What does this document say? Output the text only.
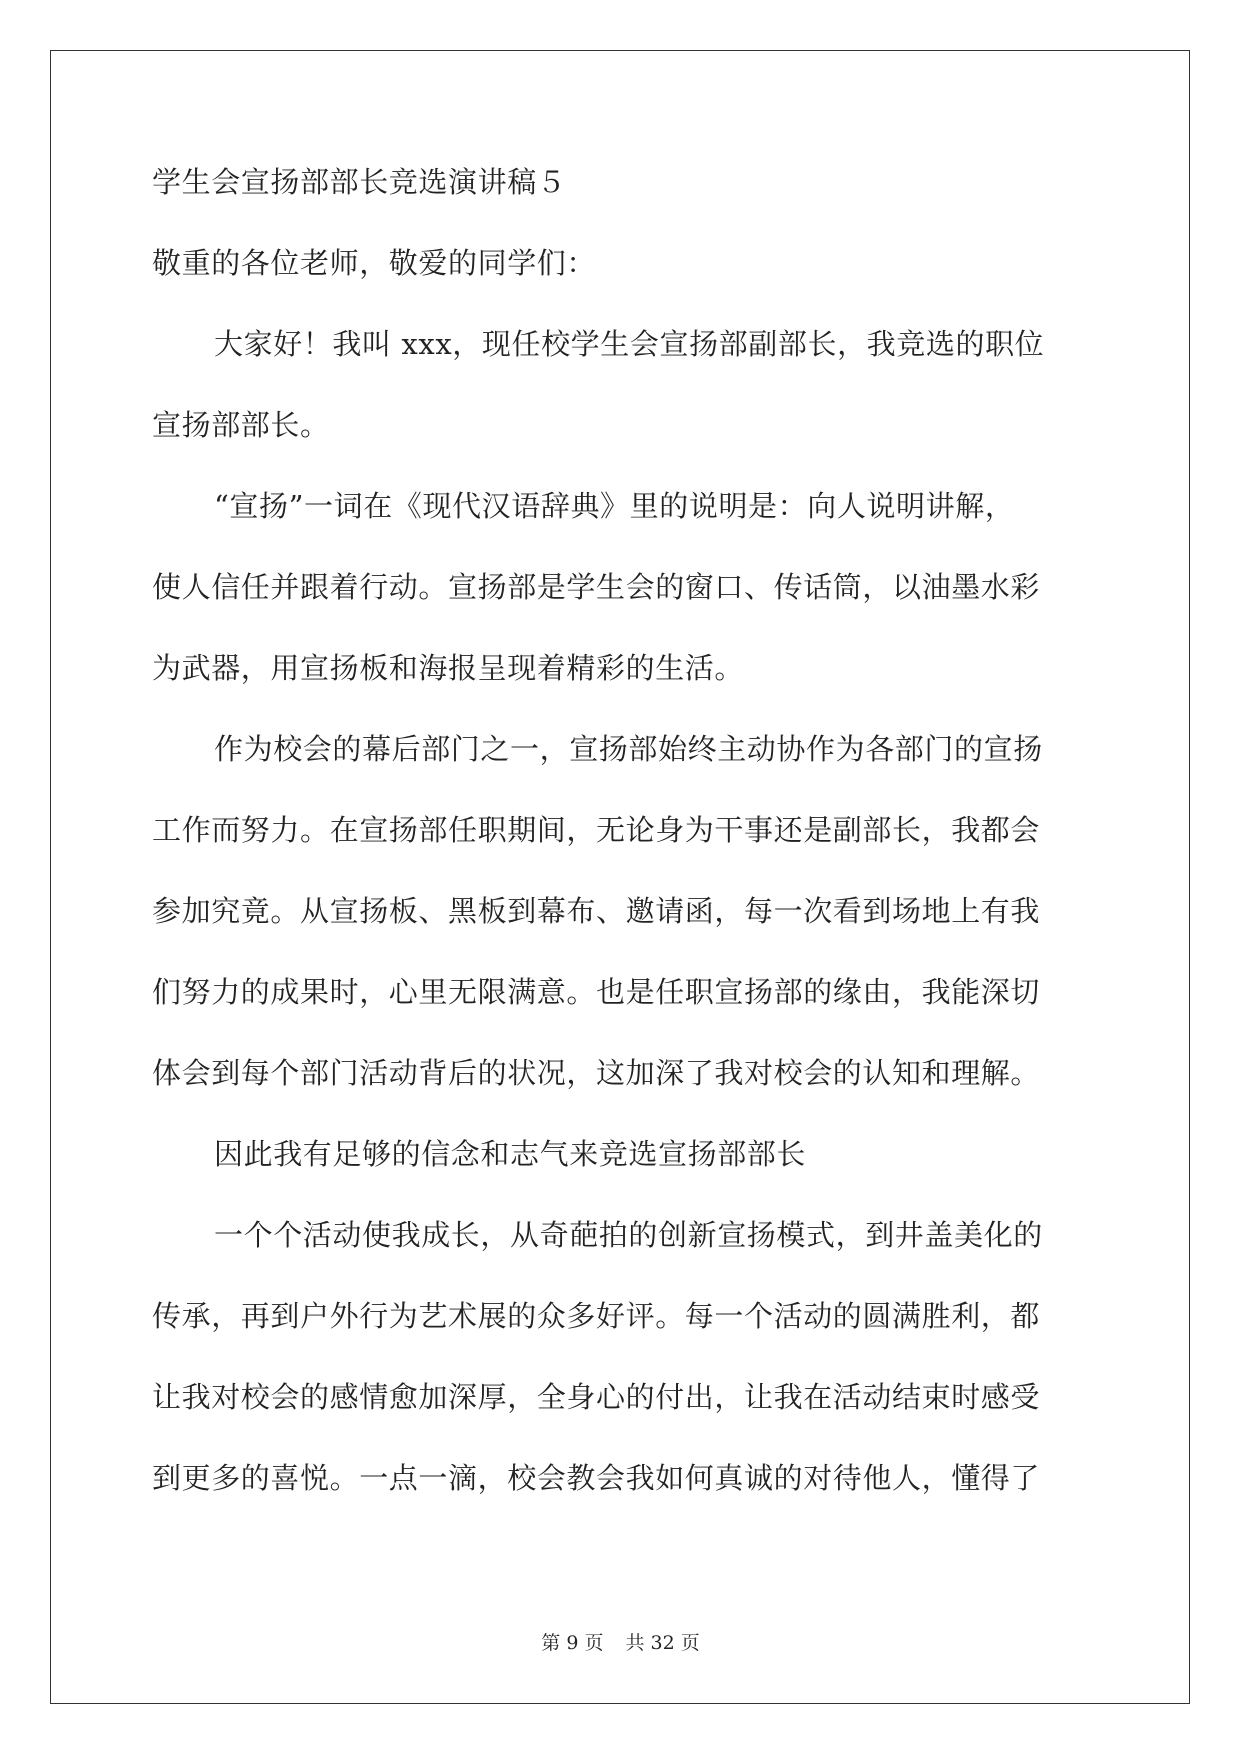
学生会宣扬部部长竞选演讲稿５
敬重的各位老师，敬爱的同学们：
大家好！我叫 xxx，现任校学生会宣扬部副部长，我竞选的职位
宣扬部部长。
“宣扬”一词在《现代汉语辞典》里的说明是：向人说明讲解，
使人信任并跟着行动。宣扬部是学生会的窗口、传话筒，以油墨水彩
为武器，用宣扬板和海报呈现着精彩的生活。
作为校会的幕后部门之一，宣扬部始终主动协作为各部门的宣扬
工作而努力。在宣扬部任职期间，无论身为干事还是副部长，我都会
参加究竟。从宣扬板、黑板到幕布、邀请函，每一次看到场地上有我
们努力的成果时，心里无限满意。也是任职宣扬部的缘由，我能深切
体会到每个部门活动背后的状况，这加深了我对校会的认知和理解。
因此我有足够的信念和志气来竞选宣扬部部长
一个个活动使我成长，从奇葩拍的创新宣扬模式，到井盖美化的
传承，再到户外行为艺术展的众多好评。每一个活动的圆满胜利，都
让我对校会的感情愈加深厚，全身心的付出，让我在活动结束时感受
到更多的喜悦。一点一滴，校会教会我如何真诚的对待他人，懂得了
第 9 页 共 32 页
